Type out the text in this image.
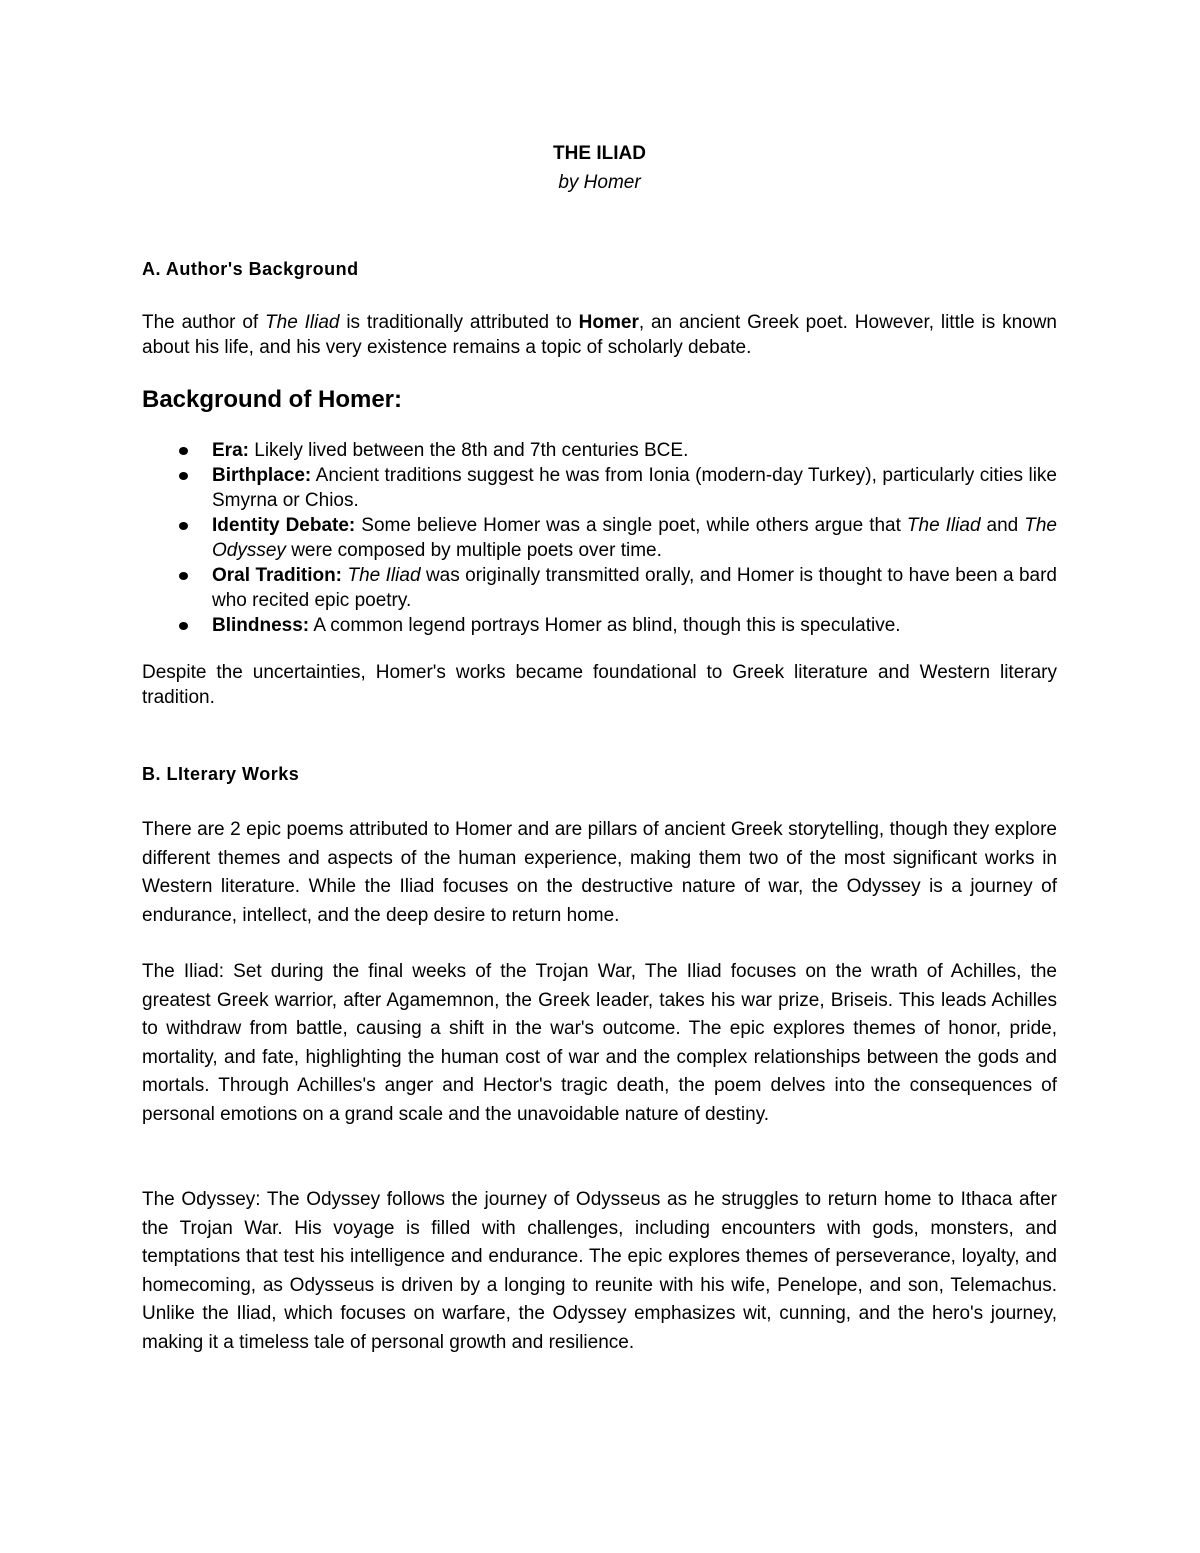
THE ILIAD
by Homer
A. Author's Background

The author of The Iliad is traditionally attributed to Homer, an ancient Greek poet. However, little is known about his life, and his very existence remains a topic of scholarly debate.

Background of Homer:
Era: Likely lived between the 8th and 7th centuries BCE.
Birthplace: Ancient traditions suggest he was from Ionia (modern-day Turkey), particularly cities like Smyrna or Chios.
Identity Debate: Some believe Homer was a single poet, while others argue that The Iliad and The Odyssey were composed by multiple poets over time.
Oral Tradition: The Iliad was originally transmitted orally, and Homer is thought to have been a bard who recited epic poetry.
Blindness: A common legend portrays Homer as blind, though this is speculative.

Despite the uncertainties, Homer's works became foundational to Greek literature and Western literary tradition.

B. LIterary Works

There are 2 epic poems attributed to Homer and are pillars of ancient Greek storytelling, though they explore different themes and aspects of the human experience, making them two of the most significant works in Western literature. While the Iliad focuses on the destructive nature of war, the Odyssey is a journey of endurance, intellect, and the deep desire to return home.

The Iliad: Set during the final weeks of the Trojan War, The Iliad focuses on the wrath of Achilles, the greatest Greek warrior, after Agamemnon, the Greek leader, takes his war prize, Briseis. This leads Achilles to withdraw from battle, causing a shift in the war's outcome. The epic explores themes of honor, pride, mortality, and fate, highlighting the human cost of war and the complex relationships between the gods and mortals. Through Achilles's anger and Hector's tragic death, the poem delves into the consequences of personal emotions on a grand scale and the unavoidable nature of destiny.

The Odyssey: The Odyssey follows the journey of Odysseus as he struggles to return home to Ithaca after the Trojan War. His voyage is filled with challenges, including encounters with gods, monsters, and temptations that test his intelligence and endurance. The epic explores themes of perseverance, loyalty, and homecoming, as Odysseus is driven by a longing to reunite with his wife, Penelope, and son, Telemachus. Unlike the Iliad, which focuses on warfare, the Odyssey emphasizes wit, cunning, and the hero's journey, making it a timeless tale of personal growth and resilience.
